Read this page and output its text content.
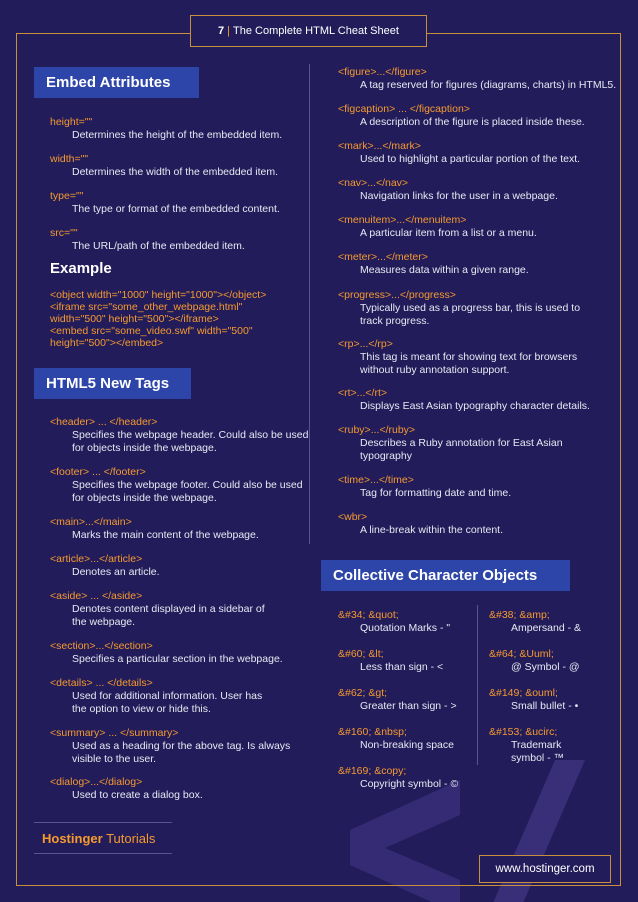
7 | The Complete HTML Cheat Sheet
Embed Attributes
height=""
Determines the height of the embedded item.
width=""
Determines the width of the embedded item.
type=""
The type or format of the embedded content.
src=""
The URL/path of the embedded item.
Example
<object width="1000" height="1000"></object>
<iframe src="some_other_webpage.html"
width="500" height="500"></iframe>
<embed src="some_video.swf" width="500"
height="500"></embed>
HTML5 New Tags
<header> ... </header>
Specifies the webpage header. Could also be used
for objects inside the webpage.
<footer> ... </footer>
Specifies the webpage footer. Could also be used
for objects inside the webpage.
<main>...</main>
Marks the main content of the webpage.
<article>...</article>
Denotes an article.
<aside> ... </aside>
Denotes content displayed in a sidebar of
the webpage.
<section>...</section>
Specifies a particular section in the webpage.
<details> ... </details>
Used for additional information. User has
the option to view or hide this.
<summary> ... </summary>
Used as a heading for the above tag. Is always
visible to the user.
<dialog>...</dialog>
Used to create a dialog box.
<figure>...</figure>
A tag reserved for figures (diagrams, charts) in HTML5.
<figcaption> ... </figcaption>
A description of the figure is placed inside these.
<mark>...</mark>
Used to highlight a particular portion of the text.
<nav>...</nav>
Navigation links for the user in a webpage.
<menuitem>...</menuitem>
A particular item from a list or a menu.
<meter>...</meter>
Measures data within a given range.
<progress>...</progress>
Typically used as a progress bar, this is used to
track progress.
<rp>...</rp>
This tag is meant for showing text for browsers
without ruby annotation support.
<rt>...</rt>
Displays East Asian typography character details.
<ruby>...</ruby>
Describes a Ruby annotation for East Asian
typography
<time>...</time>
Tag for formatting date and time.
<wbr>
A line-break within the content.
Collective Character Objects
&#34; &quot;
Quotation Marks - "
&#60; &lt;
Less than sign - <
&#62; &gt;
Greater than sign - >
&#160; &nbsp;
Non-breaking space
&#169; &copy;
Copyright symbol - ©
&#38; &amp;
Ampersand - &
&#64; &Uuml;
@ Symbol - @
&#149; &ouml;
Small bullet - •
&#153; &ucirc;
Trademark
symbol - ™
Hostinger Tutorials
www.hostinger.com
